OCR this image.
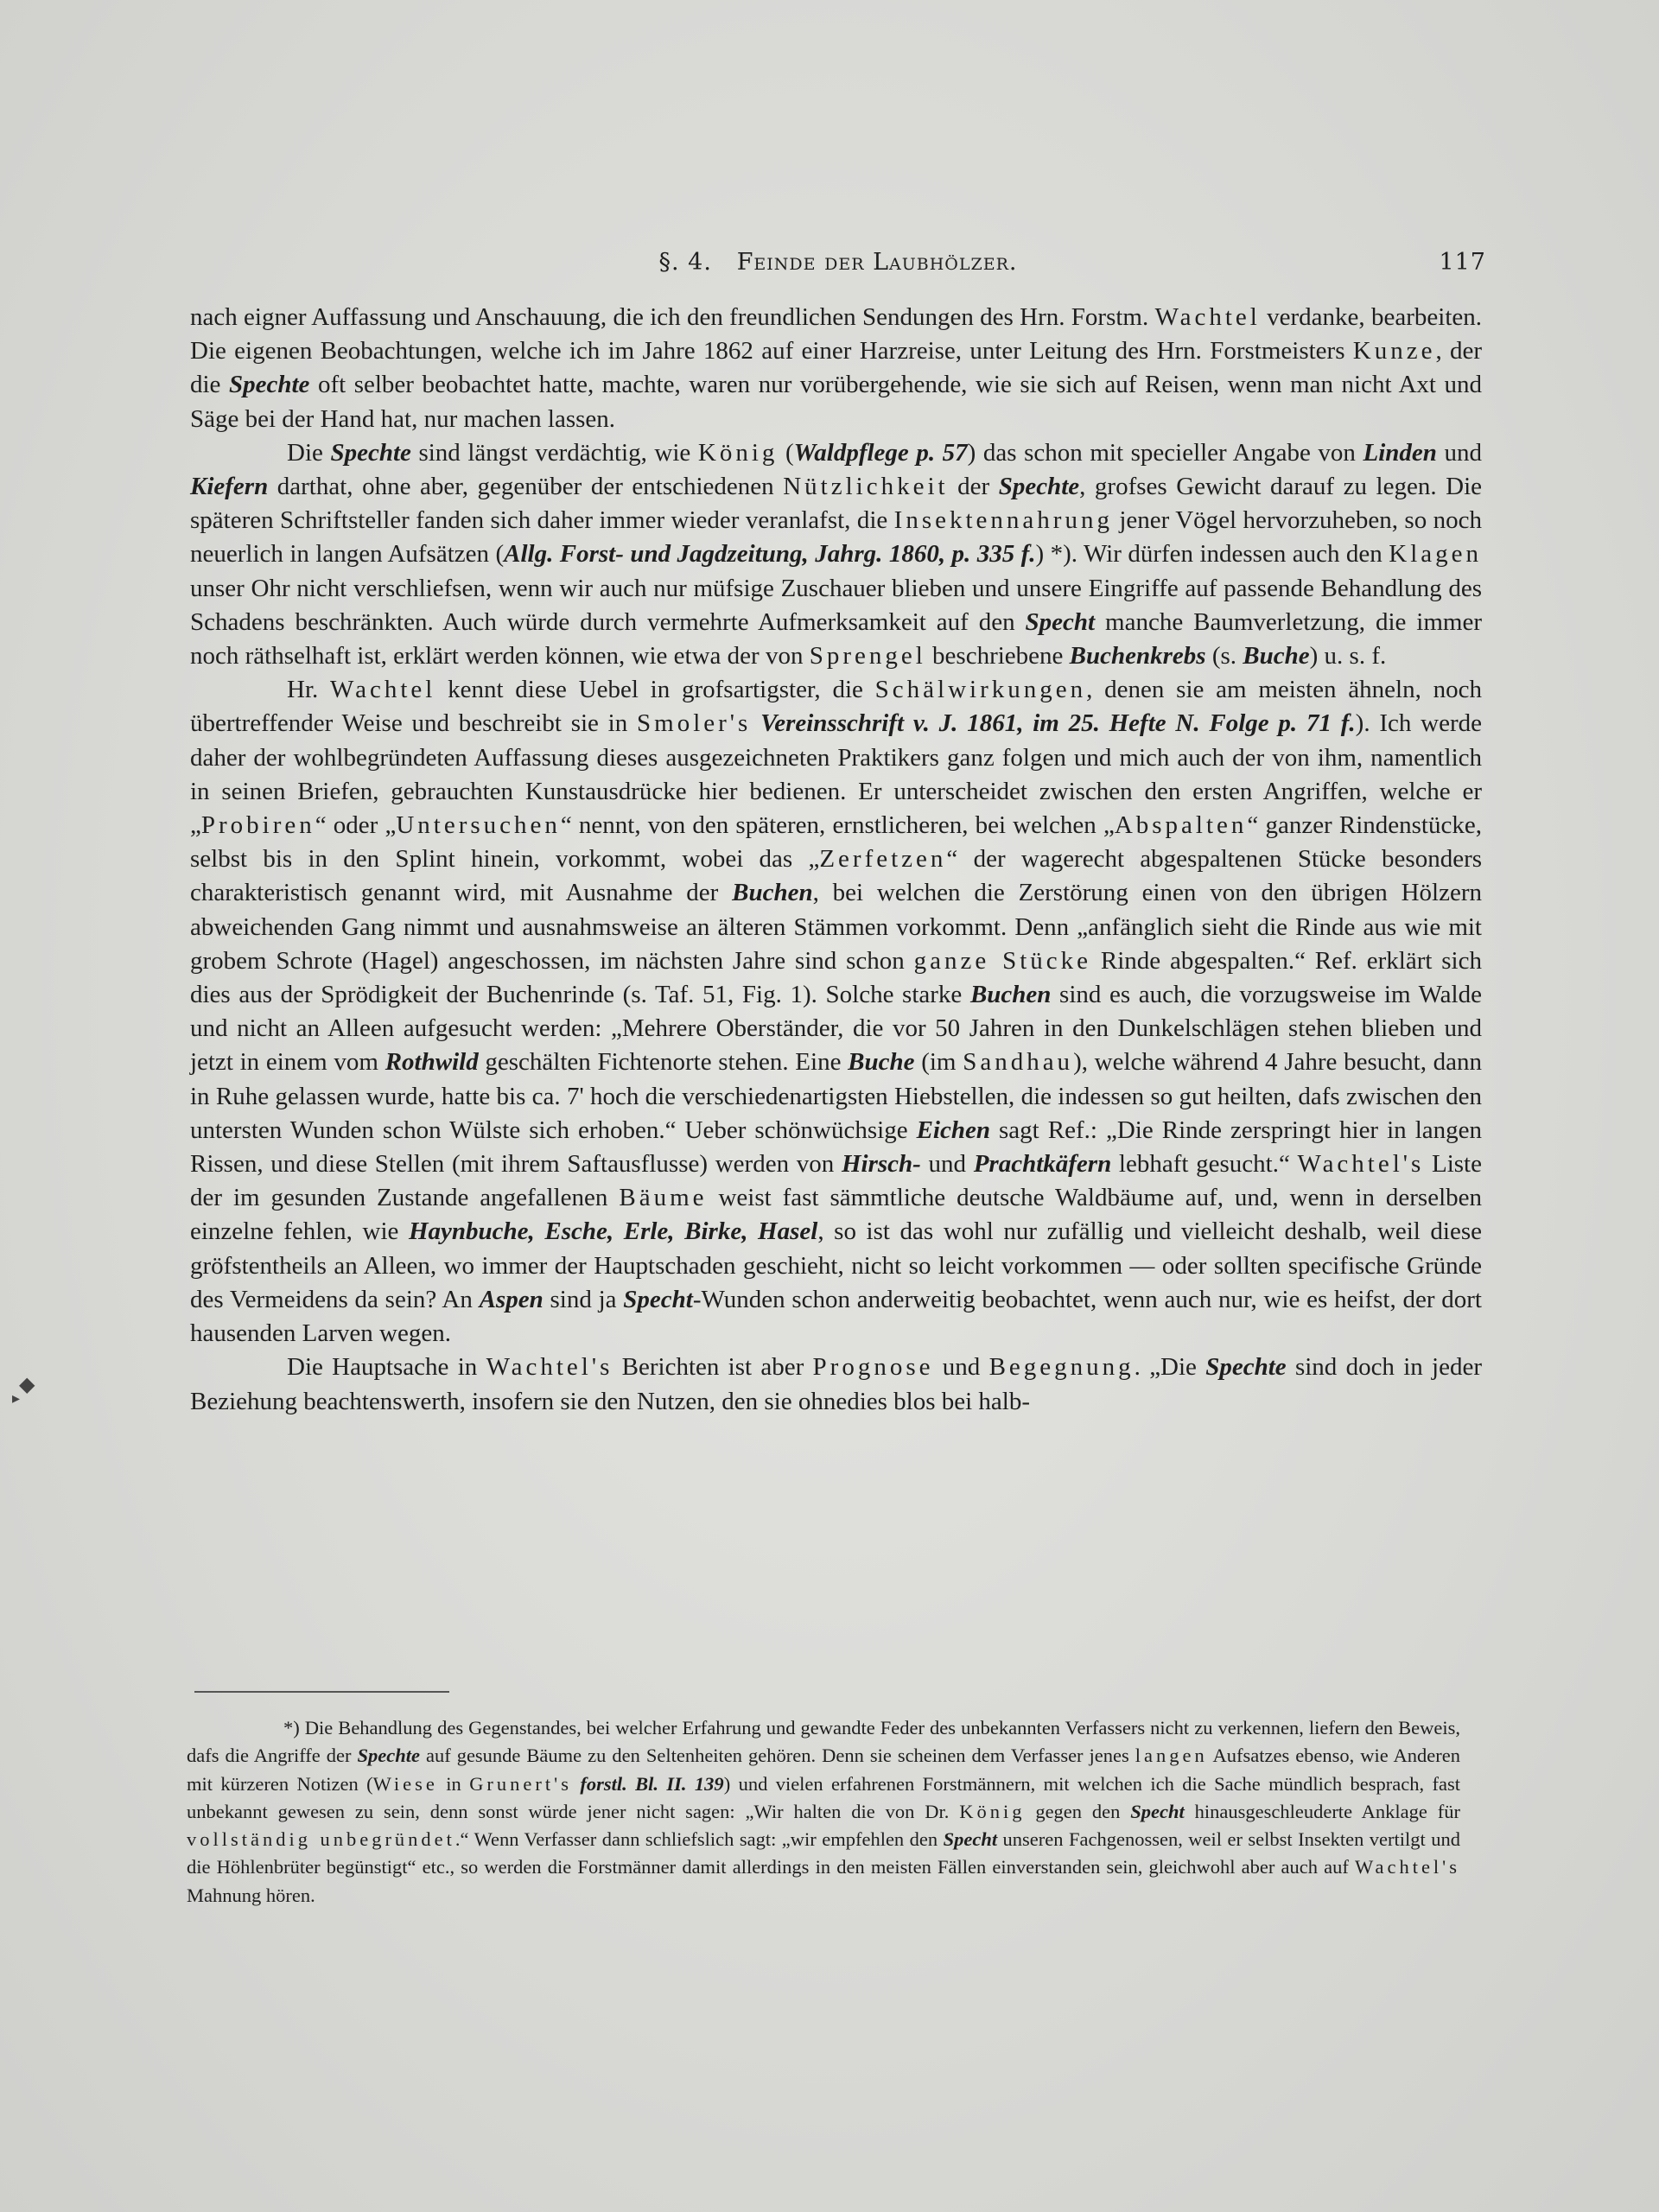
§. 4. Feinde der Laubhölzer.	117

nach eigner Auffassung und Anschauung, die ich den freundlichen Sendungen des Hrn. Forstm. Wachtel verdanke, bearbeiten. Die eigenen Beobachtungen, welche ich im Jahre 1862 auf einer Harzreise, unter Leitung des Hrn. Forstmeisters Kunze, der die Spechte oft selber beobachtet hatte, machte, waren nur vorübergehende, wie sie sich auf Reisen, wenn man nicht Axt und Säge bei der Hand hat, nur machen lassen.

Die Spechte sind längst verdächtig, wie König (Waldpflege p. 57) das schon mit specieller Angabe von Linden und Kiefern darthat, ohne aber, gegenüber der entschiedenen Nützlichkeit der Spechte, grofses Gewicht darauf zu legen. Die späteren Schriftsteller fanden sich daher immer wieder veranlafst, die Insektennahrung jener Vögel hervorzuheben, so noch neuerlich in langen Aufsätzen (Allg. Forst- und Jagdzeitung, Jahrg. 1860, p. 335 f.) *). Wir dürfen indessen auch den Klagen unser Ohr nicht verschliefsen, wenn wir auch nur müfsige Zuschauer blieben und unsere Eingriffe auf passende Behandlung des Schadens beschränkten. Auch würde durch vermehrte Aufmerksamkeit auf den Specht manche Baumverletzung, die immer noch räthselhaft ist, erklärt werden können, wie etwa der von Sprengel beschriebene Buchenkrebs (s. Buche) u. s. f.

Hr. Wachtel kennt diese Uebel in grofsartigster, die Schälwirkungen, denen sie am meisten ähneln, noch übertreffender Weise und beschreibt sie in Smoler's Vereinsschrift v. J. 1861, im 25. Hefte N. Folge p. 71 f.). Ich werde daher der wohlbegründeten Auffassung dieses ausgezeichneten Praktikers ganz folgen und mich auch der von ihm, namentlich in seinen Briefen, gebrauchten Kunstausdrücke hier bedienen. Er unterscheidet zwischen den ersten Angriffen, welche er „Probiren“ oder „Untersuchen“ nennt, von den späteren, ernstlicheren, bei welchen „Abspalten“ ganzer Rindenstücke, selbst bis in den Splint hinein, vorkommt, wobei das „Zerfetzen“ der wagerecht abgespaltenen Stücke besonders charakteristisch genannt wird, mit Ausnahme der Buchen, bei welchen die Zerstörung einen von den übrigen Hölzern abweichenden Gang nimmt und ausnahmsweise an älteren Stämmen vorkommt. Denn „anfänglich sieht die Rinde aus wie mit grobem Schrote (Hagel) angeschossen, im nächsten Jahre sind schon ganze Stücke Rinde abgespalten.“ Ref. erklärt sich dies aus der Sprödigkeit der Buchenrinde (s. Taf. 51, Fig. 1). Solche starke Buchen sind es auch, die vorzugsweise im Walde und nicht an Alleen aufgesucht werden: „Mehrere Oberständer, die vor 50 Jahren in den Dunkelschlägen stehen blieben und jetzt in einem vom Rothwild geschälten Fichtenorte stehen. Eine Buche (im Sandhau), welche während 4 Jahre besucht, dann in Ruhe gelassen wurde, hatte bis ca. 7' hoch die verschiedenartigsten Hiebstellen, die indessen so gut heilten, dafs zwischen den untersten Wunden schon Wülste sich erhoben.“ Ueber schönwüchsige Eichen sagt Ref.: „Die Rinde zerspringt hier in langen Rissen, und diese Stellen (mit ihrem Saftausflusse) werden von Hirsch- und Prachtkäfern lebhaft gesucht.“ Wachtel's Liste der im gesunden Zustande angefallenen Bäume weist fast sämmtliche deutsche Waldbäume auf, und, wenn in derselben einzelne fehlen, wie Haynbuche, Esche, Erle, Birke, Hasel, so ist das wohl nur zufällig und vielleicht deshalb, weil diese gröfstentheils an Alleen, wo immer der Hauptschaden geschieht, nicht so leicht vorkommen — oder sollten specifische Gründe des Vermeidens da sein? An Aspen sind ja Specht-Wunden schon anderweitig beobachtet, wenn auch nur, wie es heifst, der dort hausenden Larven wegen.

Die Hauptsache in Wachtel's Berichten ist aber Prognose und Begegnung. „Die Spechte sind doch in jeder Beziehung beachtenswerth, insofern sie den Nutzen, den sie ohnedies blos bei halb-

*) Die Behandlung des Gegenstandes, bei welcher Erfahrung und gewandte Feder des unbekannten Verfassers nicht zu verkennen, liefern den Beweis, dafs die Angriffe der Spechte auf gesunde Bäume zu den Seltenheiten gehören. Denn sie scheinen dem Verfasser jenes langen Aufsatzes ebenso, wie Anderen mit kürzeren Notizen (Wiese in Grunert's forstl. Bl. II. 139) und vielen erfahrenen Forstmännern, mit welchen ich die Sache mündlich besprach, fast unbekannt gewesen zu sein, denn sonst würde jener nicht sagen: „Wir halten die von Dr. König gegen den Specht hinausgeschleuderte Anklage für vollständig unbegründet.“ Wenn Verfasser dann schliefslich sagt: „wir empfehlen den Specht unseren Fachgenossen, weil er selbst Insekten vertilgt und die Höhlenbrüter begünstigt“ etc., so werden die Forstmänner damit allerdings in den meisten Fällen einverstanden sein, gleichwohl aber auch auf Wachtel's Mahnung hören.

◆
▸
